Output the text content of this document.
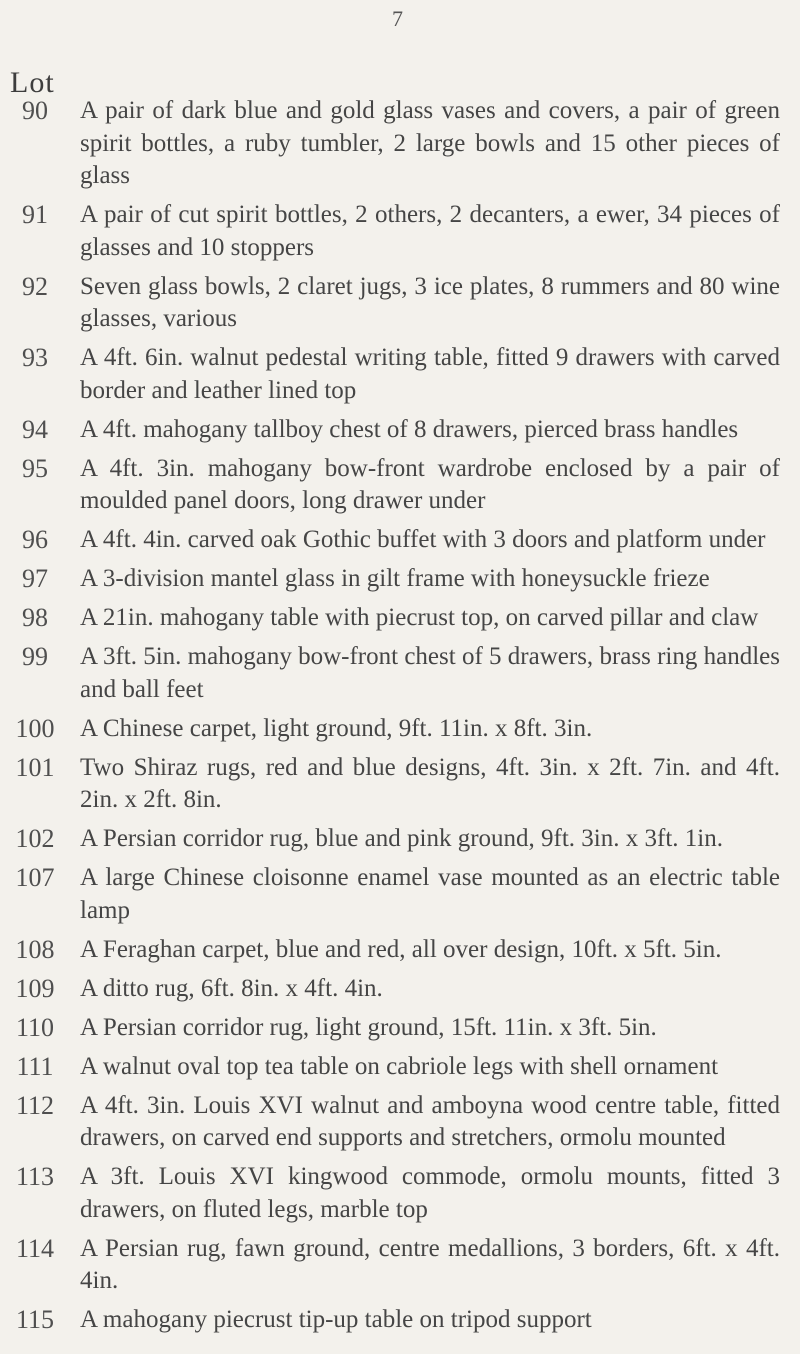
7
Lot
90	A pair of dark blue and gold glass vases and covers, a pair of green spirit bottles, a ruby tumbler, 2 large bowls and 15 other pieces of glass
91	A pair of cut spirit bottles, 2 others, 2 decanters, a ewer, 34 pieces of glasses and 10 stoppers
92	Seven glass bowls, 2 claret jugs, 3 ice plates, 8 rummers and 80 wine glasses, various
93	A 4ft. 6in. walnut pedestal writing table, fitted 9 drawers with carved border and leather lined top
94	A 4ft. mahogany tallboy chest of 8 drawers, pierced brass handles
95	A 4ft. 3in. mahogany bow-front wardrobe enclosed by a pair of moulded panel doors, long drawer under
96	A 4ft. 4in. carved oak Gothic buffet with 3 doors and platform under
97	A 3-division mantel glass in gilt frame with honeysuckle frieze
98	A 21in. mahogany table with piecrust top, on carved pillar and claw
99	A 3ft. 5in. mahogany bow-front chest of 5 drawers, brass ring handles and ball feet
100	A Chinese carpet, light ground, 9ft. 11in. x 8ft. 3in.
101	Two Shiraz rugs, red and blue designs, 4ft. 3in. x 2ft. 7in. and 4ft. 2in. x 2ft. 8in.
102	A Persian corridor rug, blue and pink ground, 9ft. 3in. x 3ft. 1in.
107	A large Chinese cloisonne enamel vase mounted as an electric table lamp
108	A Feraghan carpet, blue and red, all over design, 10ft. x 5ft. 5in.
109	A ditto rug, 6ft. 8in. x 4ft. 4in.
110	A Persian corridor rug, light ground, 15ft. 11in. x 3ft. 5in.
111	A walnut oval top tea table on cabriole legs with shell ornament
112	A 4ft. 3in. Louis XVI walnut and amboyna wood centre table, fitted drawers, on carved end supports and stretchers, ormolu mounted
113	A 3ft. Louis XVI kingwood commode, ormolu mounts, fitted 3 drawers, on fluted legs, marble top
114	A Persian rug, fawn ground, centre medallions, 3 borders, 6ft. x 4ft. 4in.
115	A mahogany piecrust tip-up table on tripod support
